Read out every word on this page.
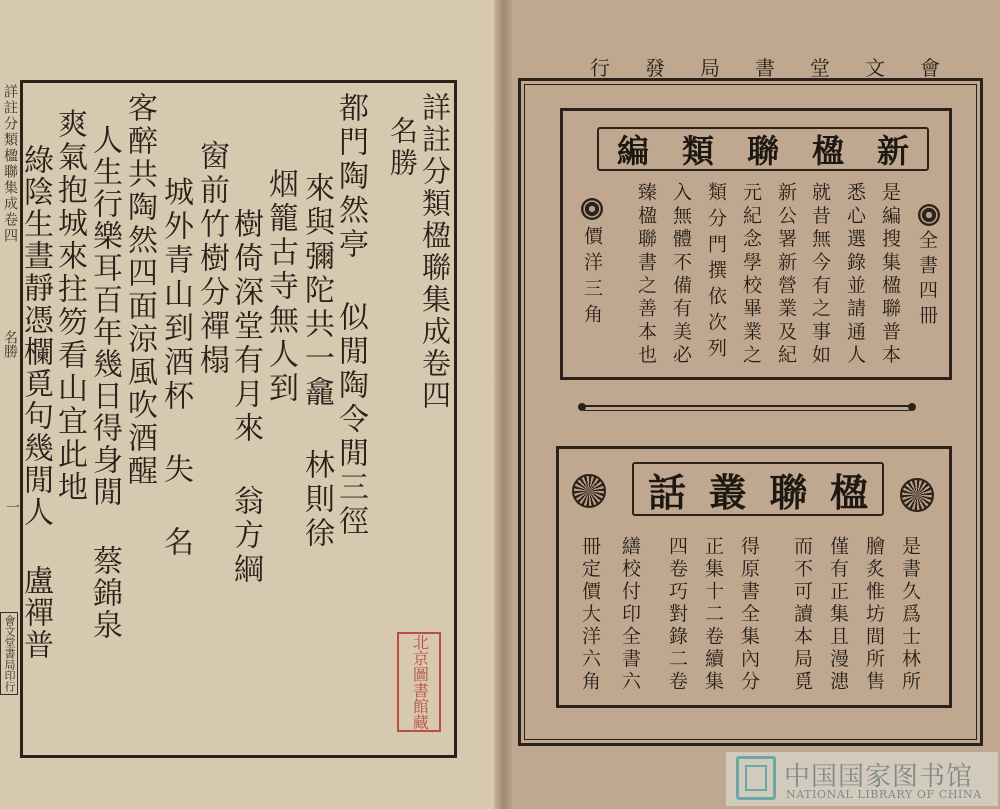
詳註分類楹聯集成卷四
名勝
一
會文堂書局印行
詳註分類楹聯集成卷四
名勝
都門陶然亭 似閒陶令閒三徑
來與彌陀共一龕 林則徐
烟籠古寺無人到
樹倚深堂有月來 翁方綱
窗前竹樹分禪榻
城外青山到酒杯 失 名
客醉共陶然四面涼風吹酒醒
人生行樂耳百年幾日得身閒 蔡錦泉
爽氣抱城來拄笏看山宜此地
綠陰生晝靜憑欄覓句幾閒人 盧禪普
北京圖書館藏
行 發 局 書 堂 文 會
編 類 聯 楹 新
全書四冊
是編搜集楹聯普本
悉心選錄並請通人
就昔無今有之事如
新公署新營業及紀
元紀念學校畢業之
類分門撰依次列
入無體不備有美必
臻楹聯書之善本也
價洋三角
話 叢 聯 楹
是書久爲士林所
膾炙惟坊間所售
僅有正集且漫漶
而不可讀本局覓
得原書全集內分
正集十二卷續集
四卷巧對錄二卷
繕校付印全書六
冊定價大洋六角
中国国家图书馆
NATIONAL LIBRARY OF CHINA
